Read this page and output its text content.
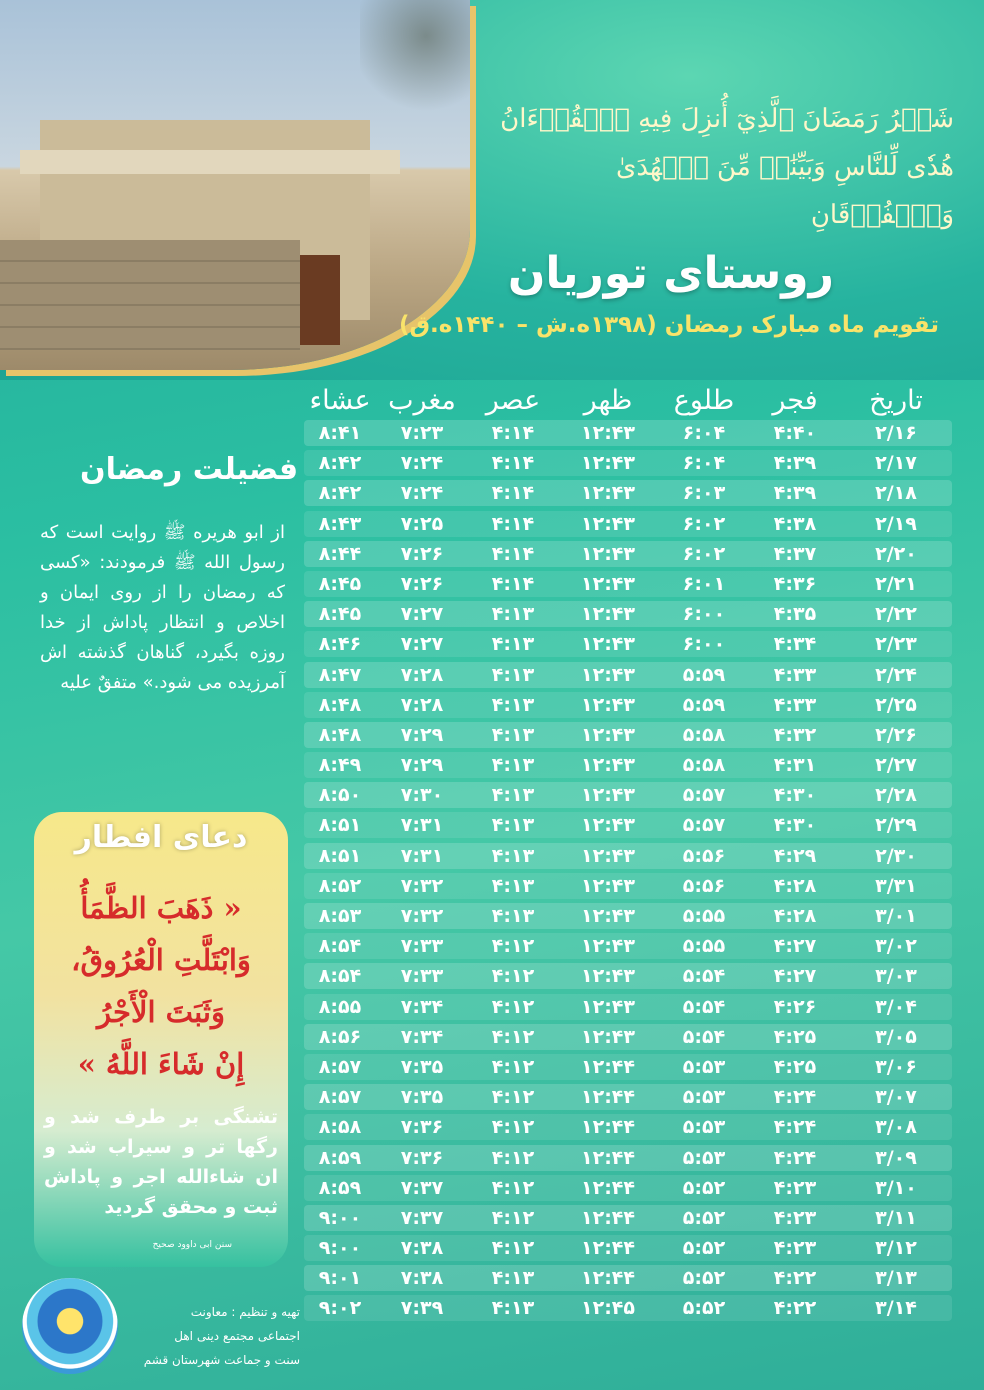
شَهۡرُ رَمَضَانَ ٱلَّذِيٓ أُنزِلَ فِيهِ ٱلۡقُرۡءَانُ هُدٗى لِّلنَّاسِ وَبَيِّنَٰتٖ مِّنَ ٱلۡهُدَىٰ وَٱلۡفُرۡقَانِ
روستای توریان
تقویم ماه مبارک رمضان (۱۳۹۸ه.ش – ۱۴۴۰ه.ق)
تاریخ
فجر
طلوع
ظهر
عصر
مغرب
عشاء
۲/۱۶
۴:۴۰
۶:۰۴
۱۲:۴۳
۴:۱۴
۷:۲۳
۸:۴۱
۲/۱۷
۴:۳۹
۶:۰۴
۱۲:۴۳
۴:۱۴
۷:۲۴
۸:۴۲
۲/۱۸
۴:۳۹
۶:۰۳
۱۲:۴۳
۴:۱۴
۷:۲۴
۸:۴۲
۲/۱۹
۴:۳۸
۶:۰۲
۱۲:۴۳
۴:۱۴
۷:۲۵
۸:۴۳
۲/۲۰
۴:۳۷
۶:۰۲
۱۲:۴۳
۴:۱۴
۷:۲۶
۸:۴۴
۲/۲۱
۴:۳۶
۶:۰۱
۱۲:۴۳
۴:۱۴
۷:۲۶
۸:۴۵
۲/۲۲
۴:۳۵
۶:۰۰
۱۲:۴۳
۴:۱۳
۷:۲۷
۸:۴۵
۲/۲۳
۴:۳۴
۶:۰۰
۱۲:۴۳
۴:۱۳
۷:۲۷
۸:۴۶
۲/۲۴
۴:۳۳
۵:۵۹
۱۲:۴۳
۴:۱۳
۷:۲۸
۸:۴۷
۲/۲۵
۴:۳۳
۵:۵۹
۱۲:۴۳
۴:۱۳
۷:۲۸
۸:۴۸
۲/۲۶
۴:۳۲
۵:۵۸
۱۲:۴۳
۴:۱۳
۷:۲۹
۸:۴۸
۲/۲۷
۴:۳۱
۵:۵۸
۱۲:۴۳
۴:۱۳
۷:۲۹
۸:۴۹
۲/۲۸
۴:۳۰
۵:۵۷
۱۲:۴۳
۴:۱۳
۷:۳۰
۸:۵۰
۲/۲۹
۴:۳۰
۵:۵۷
۱۲:۴۳
۴:۱۳
۷:۳۱
۸:۵۱
۲/۳۰
۴:۲۹
۵:۵۶
۱۲:۴۳
۴:۱۳
۷:۳۱
۸:۵۱
۳/۳۱
۴:۲۸
۵:۵۶
۱۲:۴۳
۴:۱۳
۷:۳۲
۸:۵۲
۳/۰۱
۴:۲۸
۵:۵۵
۱۲:۴۳
۴:۱۳
۷:۳۲
۸:۵۳
۳/۰۲
۴:۲۷
۵:۵۵
۱۲:۴۳
۴:۱۲
۷:۳۳
۸:۵۴
۳/۰۳
۴:۲۷
۵:۵۴
۱۲:۴۳
۴:۱۲
۷:۳۳
۸:۵۴
۳/۰۴
۴:۲۶
۵:۵۴
۱۲:۴۳
۴:۱۲
۷:۳۴
۸:۵۵
۳/۰۵
۴:۲۵
۵:۵۴
۱۲:۴۳
۴:۱۲
۷:۳۴
۸:۵۶
۳/۰۶
۴:۲۵
۵:۵۳
۱۲:۴۴
۴:۱۲
۷:۳۵
۸:۵۷
۳/۰۷
۴:۲۴
۵:۵۳
۱۲:۴۴
۴:۱۲
۷:۳۵
۸:۵۷
۳/۰۸
۴:۲۴
۵:۵۳
۱۲:۴۴
۴:۱۲
۷:۳۶
۸:۵۸
۳/۰۹
۴:۲۴
۵:۵۳
۱۲:۴۴
۴:۱۲
۷:۳۶
۸:۵۹
۳/۱۰
۴:۲۳
۵:۵۲
۱۲:۴۴
۴:۱۲
۷:۳۷
۸:۵۹
۳/۱۱
۴:۲۳
۵:۵۲
۱۲:۴۴
۴:۱۲
۷:۳۷
۹:۰۰
۳/۱۲
۴:۲۳
۵:۵۲
۱۲:۴۴
۴:۱۲
۷:۳۸
۹:۰۰
۳/۱۳
۴:۲۲
۵:۵۲
۱۲:۴۴
۴:۱۳
۷:۳۸
۹:۰۱
۳/۱۴
۴:۲۲
۵:۵۲
۱۲:۴۵
۴:۱۳
۷:۳۹
۹:۰۲
فضیلت رمضان
از ابو هریره ﷺ روایت است که رسول الله ﷺ فرمودند: «کسی که رمضان را از روی ایمان و اخلاص و انتظار پاداش از خدا روزه بگیرد، گناهان گذشته اش آمرزیده می شود.» متفقٌ علیه
دعای افطار
« ذَهَبَ الظَّمَأُ
وَابْتَلَّتِ الْعُرُوقُ،
وَثَبَتَ الْأَجْرُ
إِنْ شَاءَ اللَّهُ »
تشنگی بر طرف شد و رگها تر و سیراب شد و ان شاءالله اجر و پاداش ثبت و محقق گردید
سنن ابی داوود صحیح
تهیه و تنظیم : معاونت
اجتماعی مجتمع دینی اهل
سنت و جماعت شهرستان قشم
